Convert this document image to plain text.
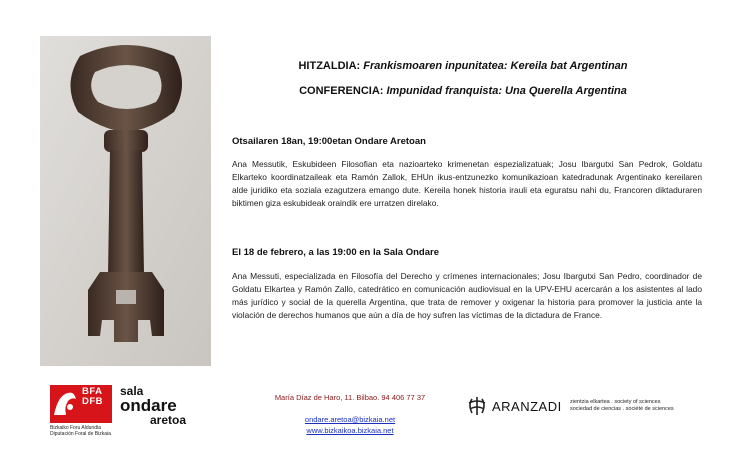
HITZALDIA: Frankismoaren inpunitatea: Kereila bat Argentinan
CONFERENCIA: Impunidad franquista: Una Querella Argentina
Otsailaren 18an, 19:00etan Ondare Aretoan
Ana Messutik, Eskubideen Filosofian eta nazioarteko krimenetan espezializatuak; Josu Ibargutxi San Pedrok, Goldatu Elkarteko koordinatzaileak eta Ramón Zallok, EHUn ikus-entzunezko komunikazioan katedradunak Argentinako kereilaren alde juridiko eta soziala ezagutzera emango dute. Kereila honek historia irauli eta eguratsu nahi du, Francoren diktaduraren biktimen giza eskubideak oraindik ere urratzen direlako.
El 18 de febrero, a las 19:00 en la Sala Ondare
Ana Messuti, especializada en Filosofía del Derecho y crímenes internacionales; Josu Ibargutxi San Pedro, coordinador de Goldatu Elkartea y Ramón Zallo, catedrático en comunicación audiovisual en la UPV-EHU acercarán a los asistentes al lado más jurídico y social de la querella Argentina, que trata de remover y oxigenar la historia para promover la justicia ante la violación de derechos humanos que aún a día de hoy sufren las víctimas de la dictadura de France.
BFA
DFB
Bizkaiko Foru Aldundia
Diputación Foral de Bizkaia
sala
ondare
aretoa
María Díaz de Haro, 11. Bilbao. 94 406 77 37
ondare.aretoa@bizkaia.net
www.bizkaikoa.bizkaia.net
ARANZADI zientzia elkartea . society of sciences
sociedad de ciencias . société de sciences
